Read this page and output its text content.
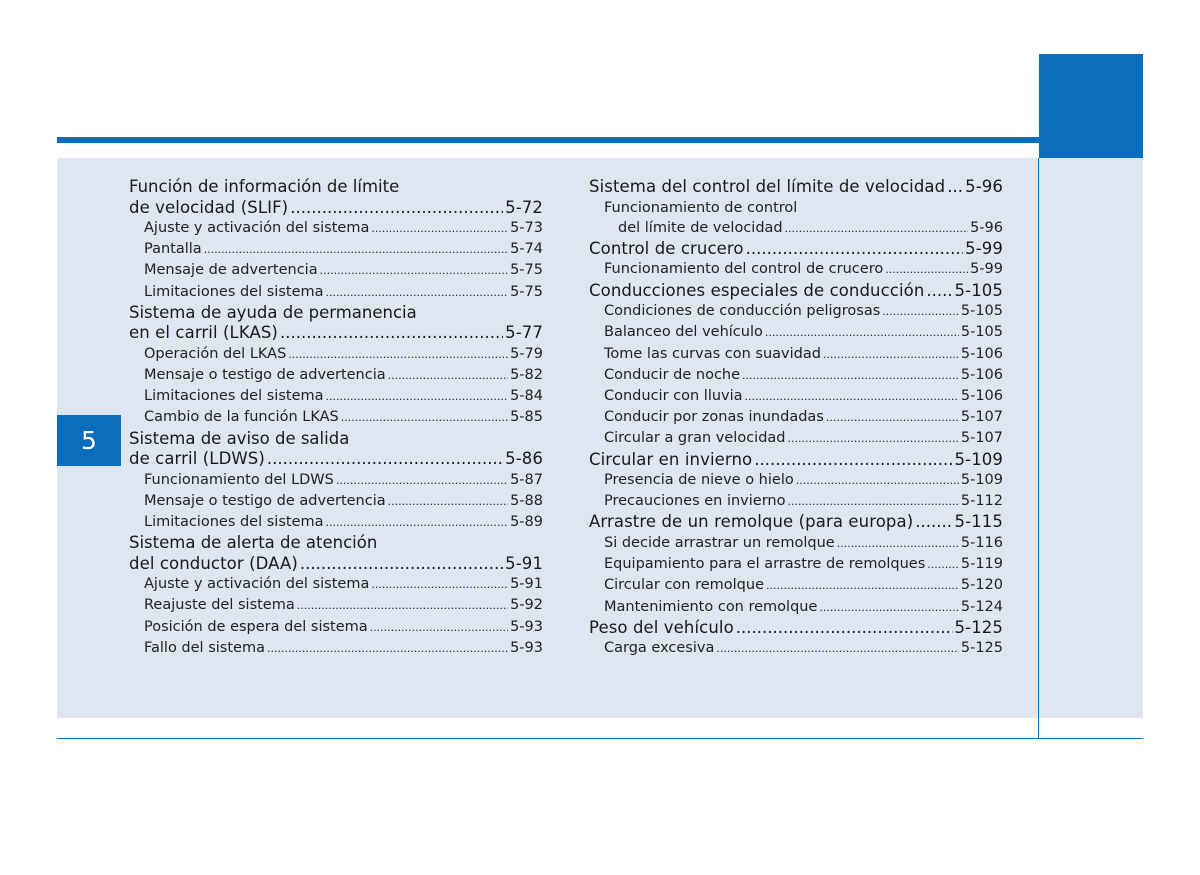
5
Función de información de límite
de velocidad (SLIF) .....	5-72
Ajuste y activación del sistema .....	5-73
Pantalla .....	5-74
Mensaje de advertencia .....	5-75
Limitaciones del sistema .....	5-75
Sistema de ayuda de permanencia
en el carril (LKAS) .....	5-77
Operación del LKAS .....	5-79
Mensaje o testigo de advertencia .....	5-82
Limitaciones del sistema .....	5-84
Cambio de la función LKAS .....	5-85
Sistema de aviso de salida
de carril (LDWS) .....	5-86
Funcionamiento del LDWS .....	5-87
Mensaje o testigo de advertencia .....	5-88
Limitaciones del sistema .....	5-89
Sistema de alerta de atención
del conductor (DAA) .....	5-91
Ajuste y activación del sistema .....	5-91
Reajuste del sistema .....	5-92
Posición de espera del sistema .....	5-93
Fallo del sistema .....	5-93
Sistema del control del límite de velocidad ..... 5-96
Funcionamiento de control
del límite de velocidad .....	5-96
Control de crucero .....	5-99
Funcionamiento del control de crucero .....	5-99
Conducciones especiales de conducción ..... 5-105
Condiciones de conducción peligrosas .....	5-105
Balanceo del vehículo .....	5-105
Tome las curvas con suavidad .....	5-106
Conducir de noche .....	5-106
Conducir con lluvia .....	5-106
Conducir por zonas inundadas .....	5-107
Circular a gran velocidad .....	5-107
Circular en invierno .....	5-109
Presencia de nieve o hielo .....	5-109
Precauciones en invierno .....	5-112
Arrastre de un remolque (para europa) .....	5-115
Si decide arrastrar un remolque .....	5-116
Equipamiento para el arrastre de remolques ..... 5-119
Circular con remolque .....	5-120
Mantenimiento con remolque .....	5-124
Peso del vehículo .....	5-125
Carga excesiva .....	5-125
